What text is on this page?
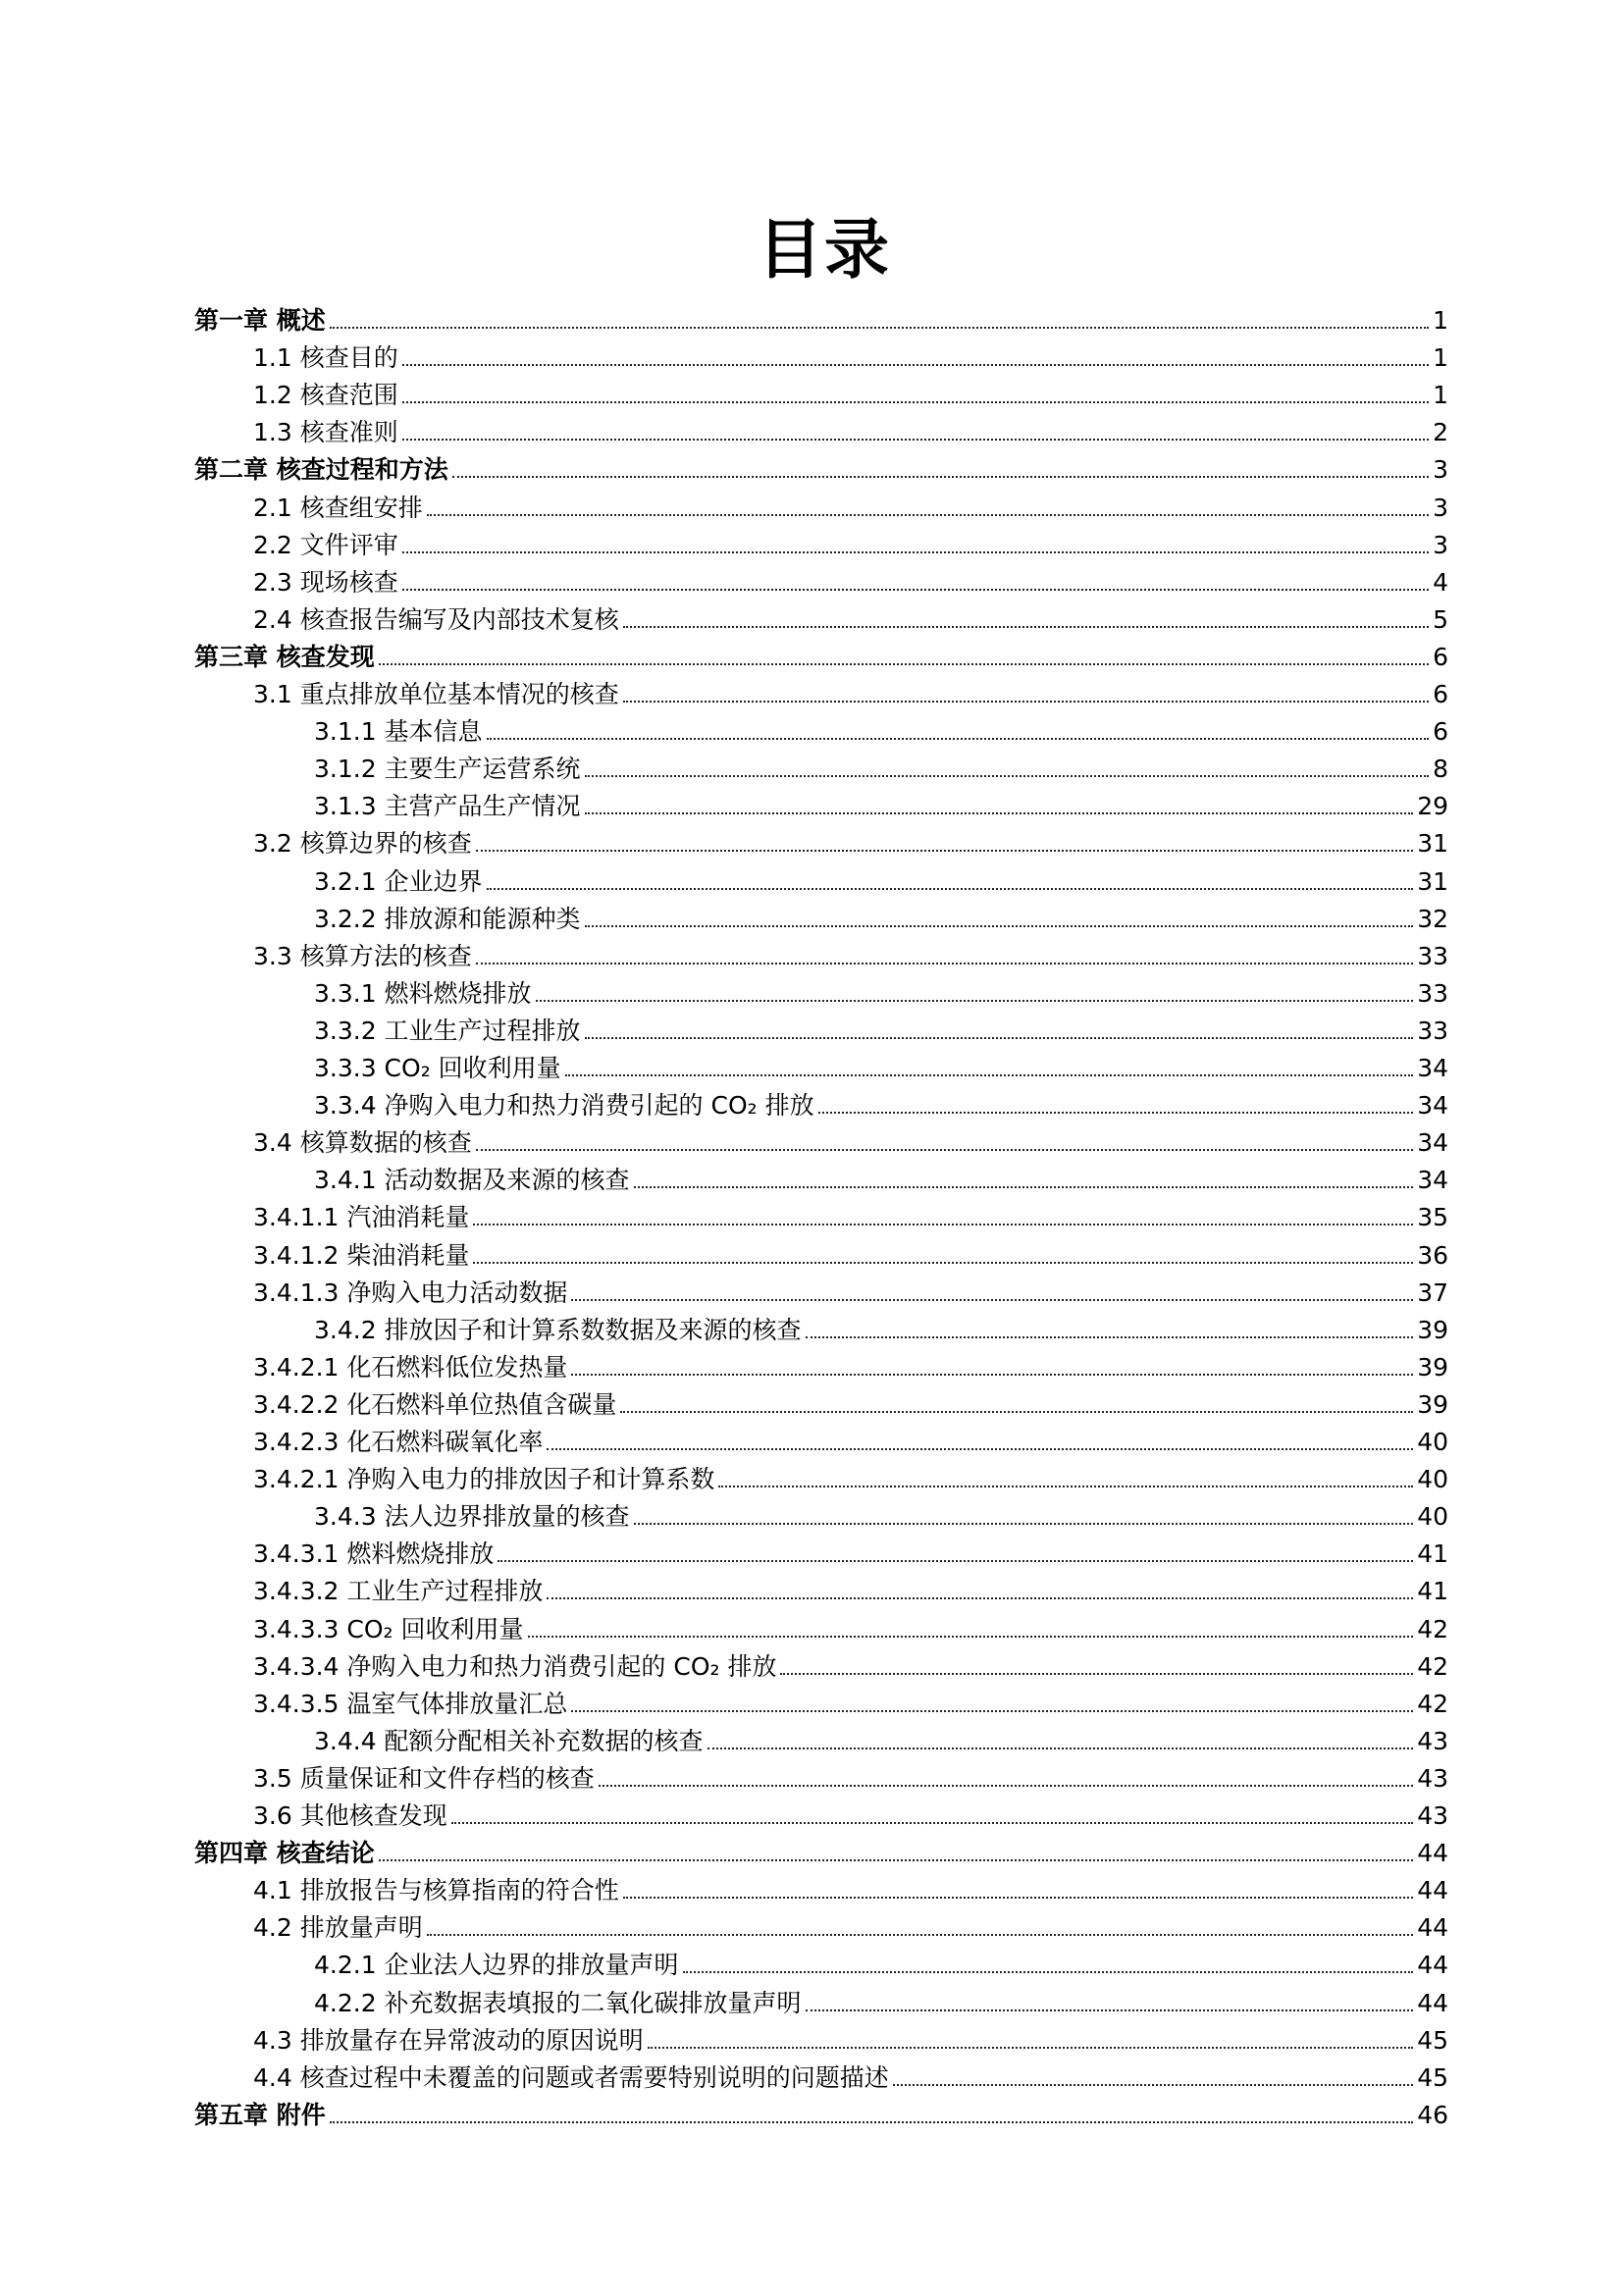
目录
第一章 概述	1
1.1 核查目的	1
1.2 核查范围	1
1.3 核查准则	2
第二章 核查过程和方法	3
2.1 核查组安排	3
2.2 文件评审	3
2.3 现场核查	4
2.4 核查报告编写及内部技术复核	5
第三章 核查发现	6
3.1 重点排放单位基本情况的核查	6
3.1.1 基本信息	6
3.1.2 主要生产运营系统	8
3.1.3 主营产品生产情况	29
3.2 核算边界的核查	31
3.2.1 企业边界	31
3.2.2 排放源和能源种类	32
3.3 核算方法的核查	33
3.3.1 燃料燃烧排放	33
3.3.2 工业生产过程排放	33
3.3.3 CO₂ 回收利用量	34
3.3.4 净购入电力和热力消费引起的 CO₂ 排放	34
3.4 核算数据的核查	34
3.4.1 活动数据及来源的核查	34
3.4.1.1 汽油消耗量	35
3.4.1.2 柴油消耗量	36
3.4.1.3 净购入电力活动数据	37
3.4.2 排放因子和计算系数数据及来源的核查	39
3.4.2.1 化石燃料低位发热量	39
3.4.2.2 化石燃料单位热值含碳量	39
3.4.2.3 化石燃料碳氧化率	40
3.4.2.1 净购入电力的排放因子和计算系数	40
3.4.3 法人边界排放量的核查	40
3.4.3.1 燃料燃烧排放	41
3.4.3.2 工业生产过程排放	41
3.4.3.3 CO₂ 回收利用量	42
3.4.3.4 净购入电力和热力消费引起的 CO₂ 排放	42
3.4.3.5 温室气体排放量汇总	42
3.4.4 配额分配相关补充数据的核查	43
3.5 质量保证和文件存档的核查	43
3.6 其他核查发现	43
第四章 核查结论	44
4.1 排放报告与核算指南的符合性	44
4.2 排放量声明	44
4.2.1 企业法人边界的排放量声明	44
4.2.2 补充数据表填报的二氧化碳排放量声明	44
4.3 排放量存在异常波动的原因说明	45
4.4 核查过程中未覆盖的问题或者需要特别说明的问题描述	45
第五章 附件	46
